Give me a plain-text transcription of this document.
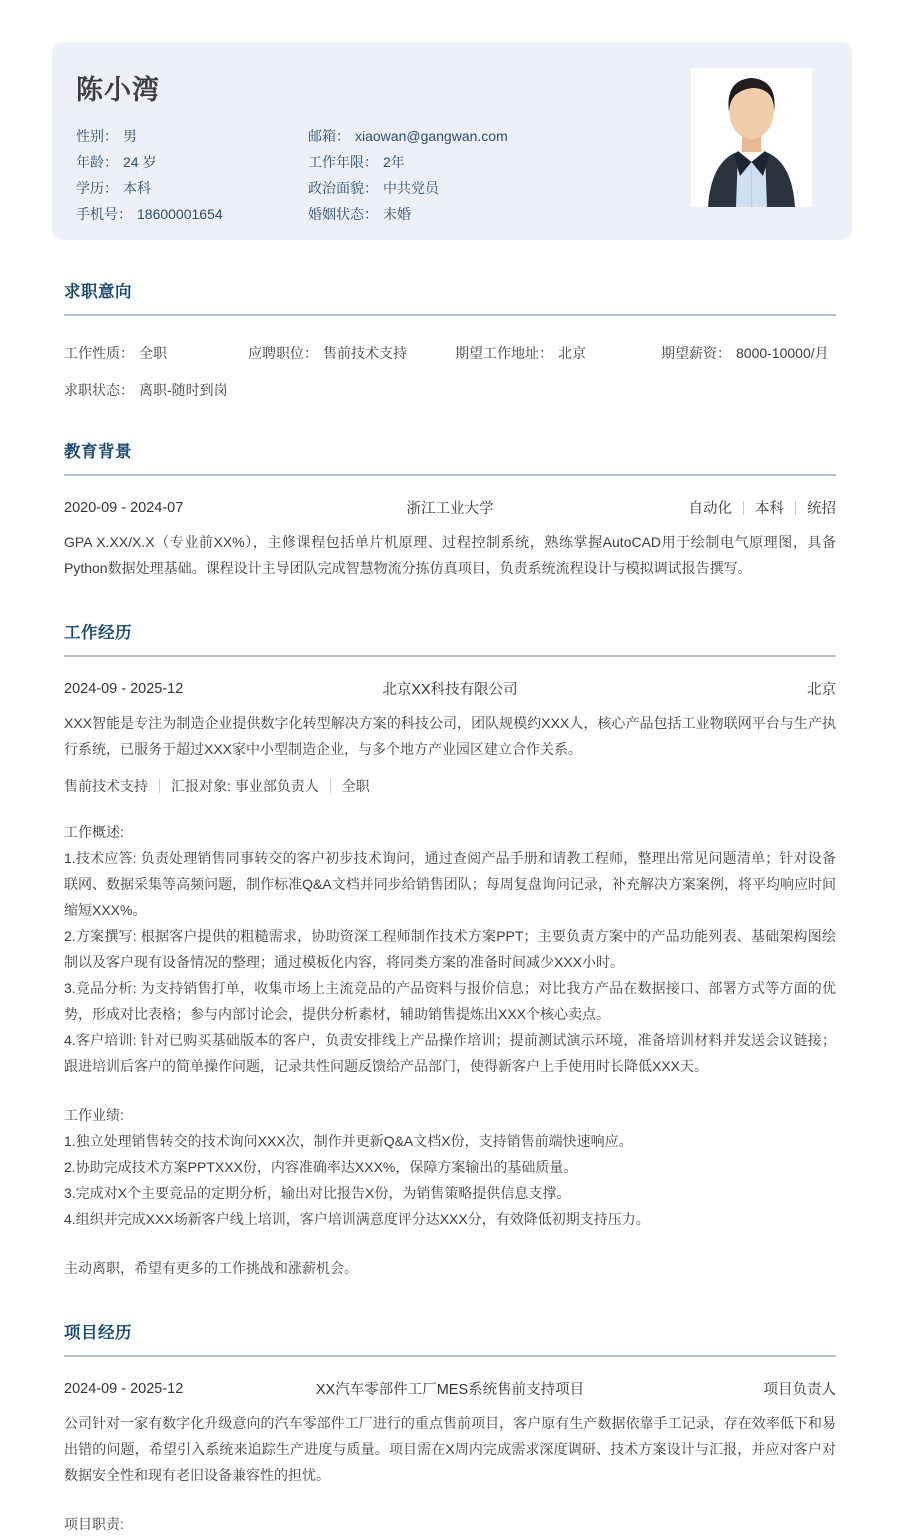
陈小湾
性别： 男
年龄： 24 岁
学历： 本科
手机号： 18600001654
邮箱： xiaowan@gangwan.com
工作年限： 2年
政治面貌： 中共党员
婚姻状态： 未婚
求职意向
工作性质： 全职	应聘职位： 售前技术支持	期望工作地址： 北京	期望薪资： 8000-10000/月
求职状态： 离职-随时到岗
教育背景
2020-09 - 2024-07	浙江工业大学	自动化 本科 统招

GPA X.XX/X.X（专业前XX%），主修课程包括单片机原理、过程控制系统，熟练掌握AutoCAD用于绘制电气原理图，具备Python数据处理基础。课程设计主导团队完成智慧物流分拣仿真项目，负责系统流程设计与模拟调试报告撰写。

工作经历
2024-09 - 2025-12	北京XX科技有限公司	北京

XXX智能是专注为制造企业提供数字化转型解决方案的科技公司，团队规模约XXX人，核心产品包括工业物联网平台与生产执行系统，已服务于超过XXX家中小型制造企业，与多个地方产业园区建立合作关系。

售前技术支持 汇报对象: 事业部负责人 全职

工作概述:

1.技术应答: 负责处理销售同事转交的客户初步技术询问，通过查阅产品手册和请教工程师，整理出常见问题清单；针对设备联网、数据采集等高频问题，制作标准Q&A文档并同步给销售团队；每周复盘询问记录，补充解决方案案例，将平均响应时间缩短XXX%。

2.方案撰写: 根据客户提供的粗糙需求，协助资深工程师制作技术方案PPT；主要负责方案中的产品功能列表、基础架构图绘制以及客户现有设备情况的整理；通过模板化内容，将同类方案的准备时间减少XXX小时。

3.竞品分析: 为支持销售打单，收集市场上主流竞品的产品资料与报价信息；对比我方产品在数据接口、部署方式等方面的优势，形成对比表格；参与内部讨论会，提供分析素材，辅助销售提炼出XXX个核心卖点。

4.客户培训: 针对已购买基础版本的客户，负责安排线上产品操作培训；提前测试演示环境，准备培训材料并发送会议链接；跟进培训后客户的简单操作问题，记录共性问题反馈给产品部门，使得新客户上手使用时长降低XXX天。

工作业绩:

1.独立处理销售转交的技术询问XXX次，制作并更新Q&A文档X份，支持销售前端快速响应。

2.协助完成技术方案PPTXXX份，内容准确率达XXX%，保障方案输出的基础质量。

3.完成对X个主要竞品的定期分析，输出对比报告X份，为销售策略提供信息支撑。

4.组织并完成XXX场新客户线上培训，客户培训满意度评分达XXX分，有效降低初期支持压力。

主动离职，希望有更多的工作挑战和涨薪机会。

项目经历
2024-09 - 2025-12	XX汽车零部件工厂MES系统售前支持项目	项目负责人

公司针对一家有数字化升级意向的汽车零部件工厂进行的重点售前项目，客户原有生产数据依靠手工记录，存在效率低下和易出错的问题，希望引入系统来追踪生产进度与质量。项目需在X周内完成需求深度调研、技术方案设计与汇报，并应对客户对数据安全性和现有老旧设备兼容性的担忧。

项目职责:
